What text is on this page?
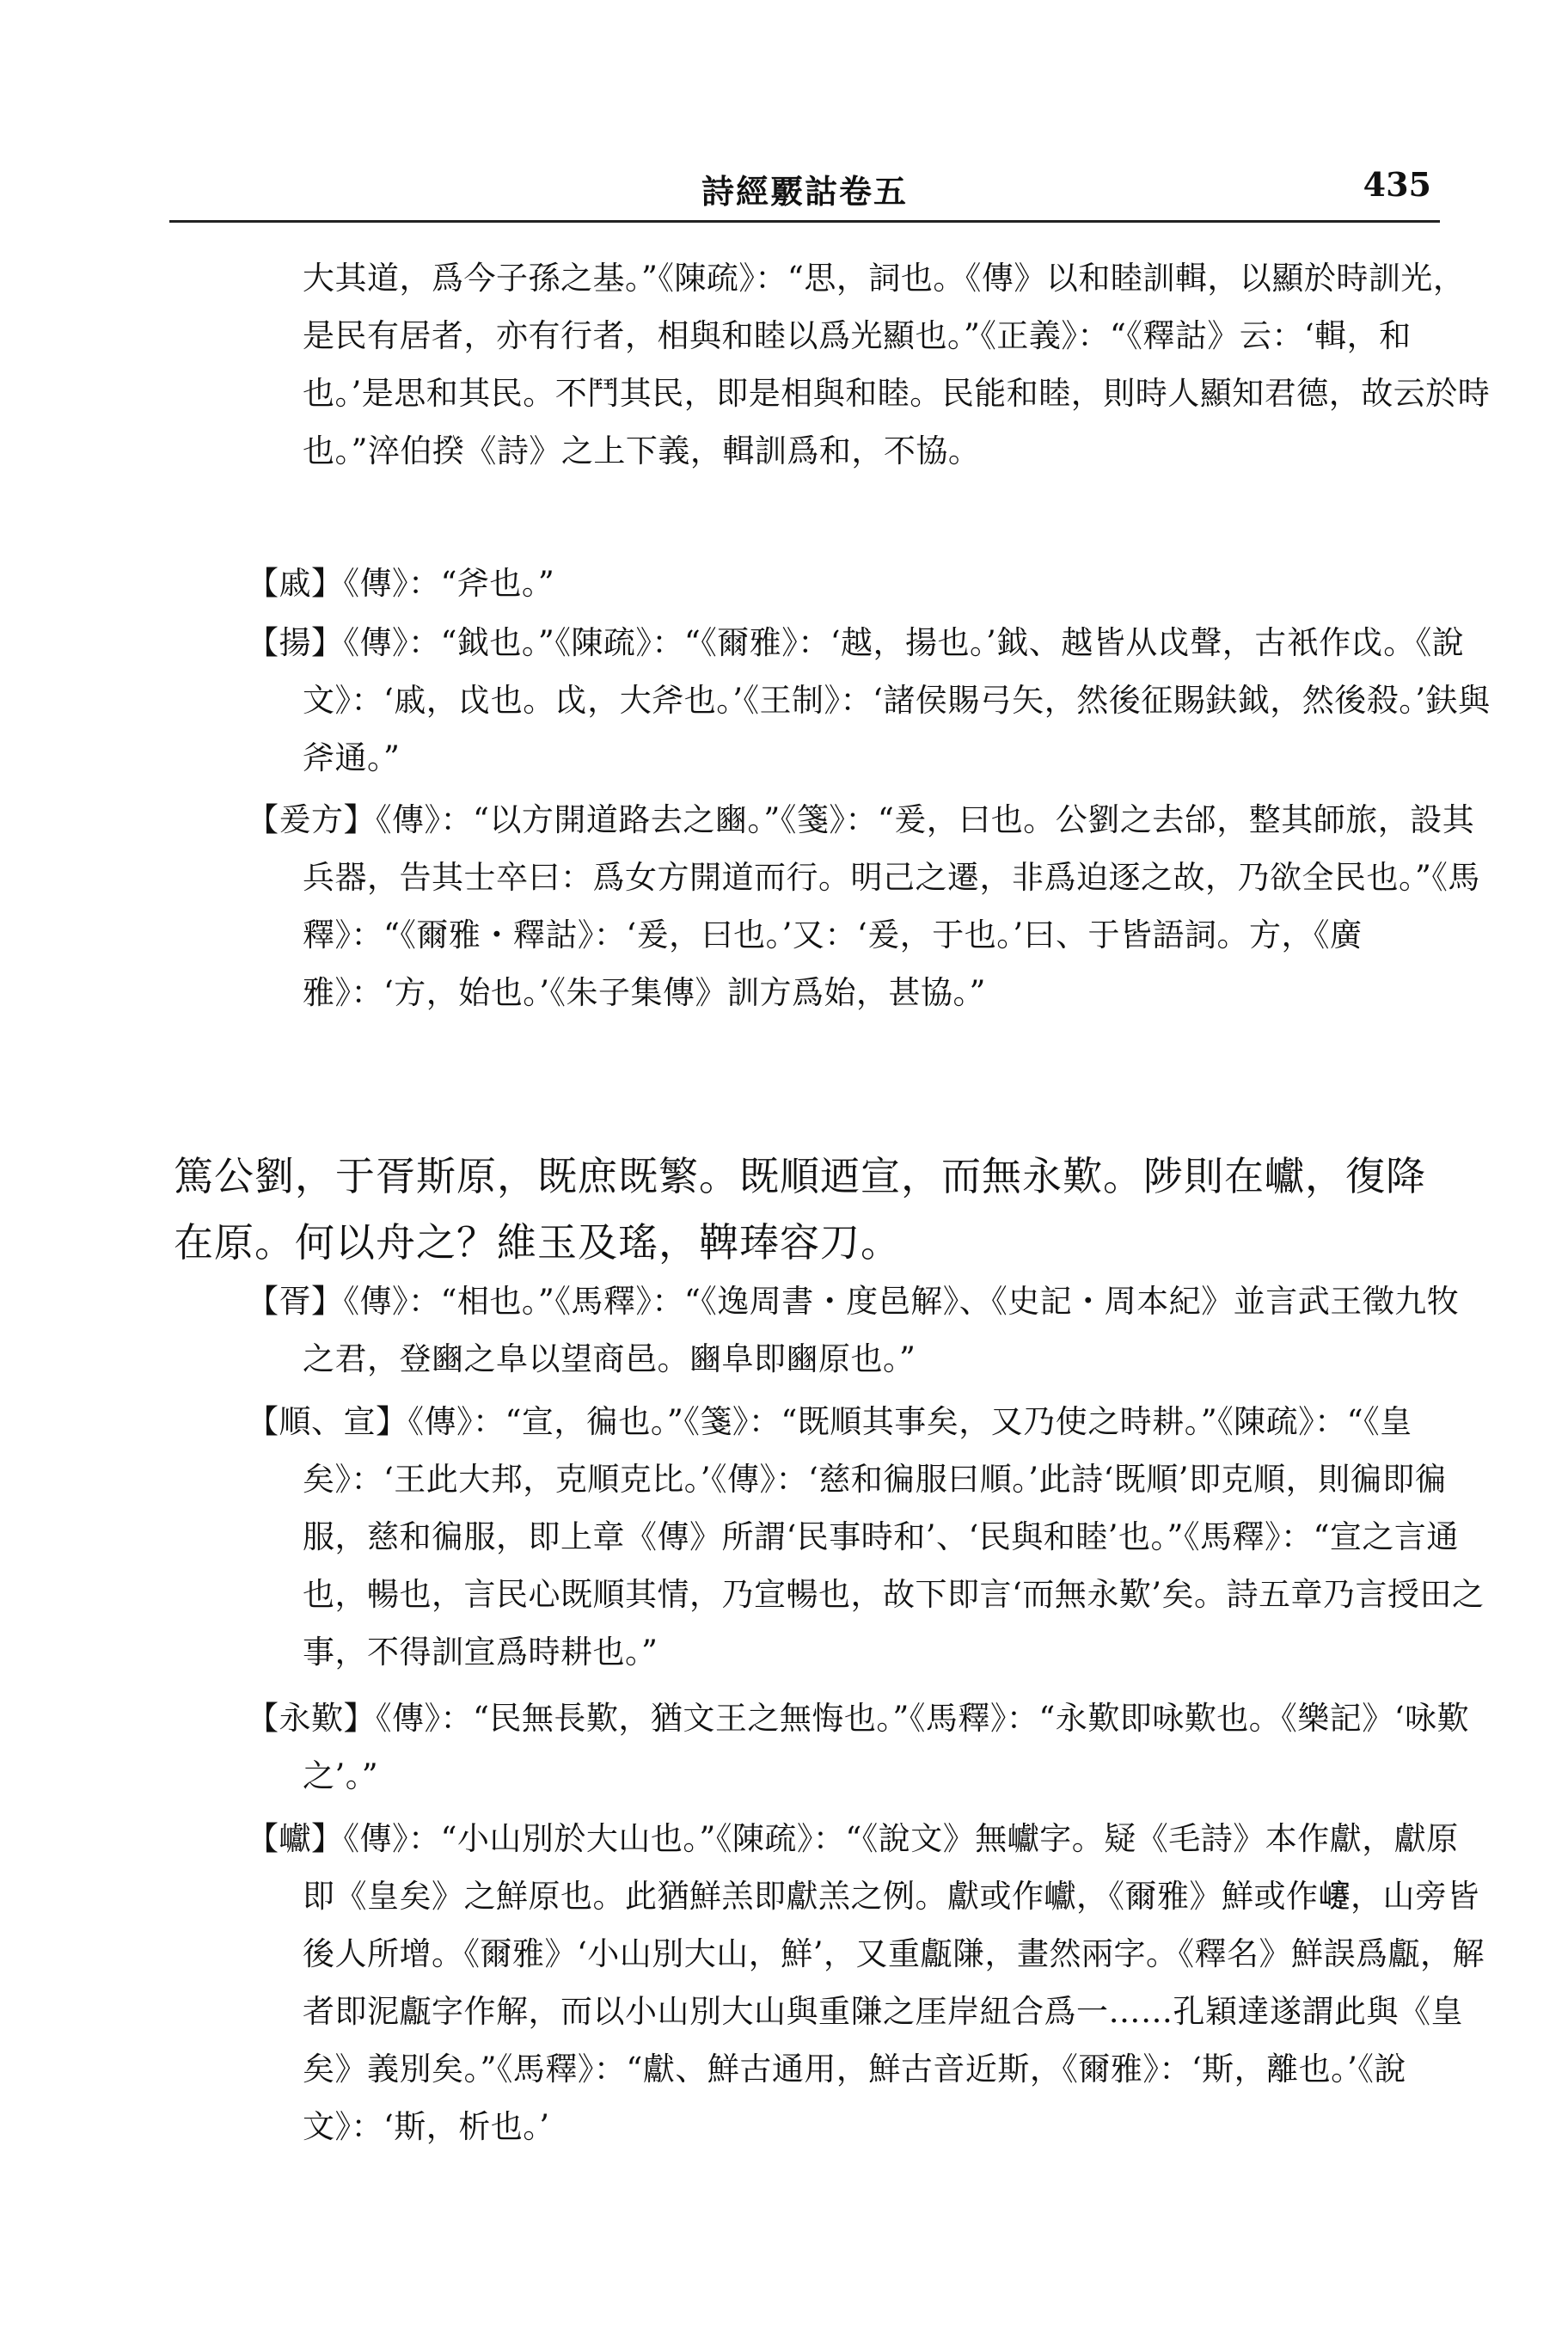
詩經覈詁卷五	435
大其道，爲今子孫之基。”《陳疏》：“思，詞也。《傳》以和睦訓輯，以顯於時訓光，是民有居者，亦有行者，相與和睦以爲光顯也。”《正義》：“《釋詁》云：‘輯，和也。’是思和其民。不鬥其民，即是相與和睦。民能和睦，則時人顯知君德，故云於時也。”淬伯揆《詩》之上下義，輯訓爲和，不協。
【戚】《傳》：“斧也。”
【揚】《傳》：“鉞也。”《陳疏》：“《爾雅》：‘越，揚也。’鉞、越皆从戉聲，古衹作戉。《說文》：‘戚，戉也。戉，大斧也。’《王制》：‘諸侯賜弓矢，然後征賜鈇鉞，然後殺。’鈇與斧通。”
【爰方】《傳》：“以方開道路去之豳。”《箋》：“爰，曰也。公劉之去邰，整其師旅，設其兵器，告其士卒曰：爲女方開道而行。明己之遷，非爲迫逐之故，乃欲全民也。”《馬釋》：“《爾雅・釋詁》：‘爰，曰也。’又：‘爰，于也。’曰、于皆語詞。方，《廣雅》：‘方，始也。’《朱子集傳》訓方爲始，甚協。”
篤公劉，于胥斯原，既庶既繁。既順迺宣，而無永歎。陟則在巘，復降在原。何以舟之？維玉及瑤，鞞琫容刀。
【胥】《傳》：“相也。”《馬釋》：“《逸周書・度邑解》、《史記・周本紀》並言武王徵九牧之君，登豳之阜以望商邑。豳阜即豳原也。”
【順、宣】《傳》：“宣，徧也。”《箋》：“既順其事矣，又乃使之時耕。”《陳疏》：“《皇矣》：‘王此大邦，克順克比。’《傳》：‘慈和徧服曰順。’此詩‘既順’即克順，則徧即徧服，慈和徧服，即上章《傳》所謂‘民事時和’、‘民與和睦’也。”《馬釋》：“宣之言通也，暢也，言民心既順其情，乃宣暢也，故下即言‘而無永歎’矣。詩五章乃言授田之事，不得訓宣爲時耕也。”
【永歎】《傳》：“民無長歎，猶文王之無悔也。”《馬釋》：“永歎即咏歎也。《樂記》‘咏歎之’。”
【巘】《傳》：“小山別於大山也。”《陳疏》：“《說文》無巘字。疑《毛詩》本作獻，獻原即《皇矣》之鮮原也。此猶鮮羔即獻羔之例。獻或作巘，《爾雅》鮮或作𡾰，山旁皆後人所增。《爾雅》‘小山別大山，鮮’，又重甗隒，畫然兩字。《釋名》鮮誤爲甗，解者即泥甗字作解，而以小山別大山與重隒之厓岸紐合爲一……孔穎達遂謂此與《皇矣》義別矣。”《馬釋》：“獻、鮮古通用，鮮古音近斯，《爾雅》：‘斯，離也。’《說文》：‘斯，析也。’
